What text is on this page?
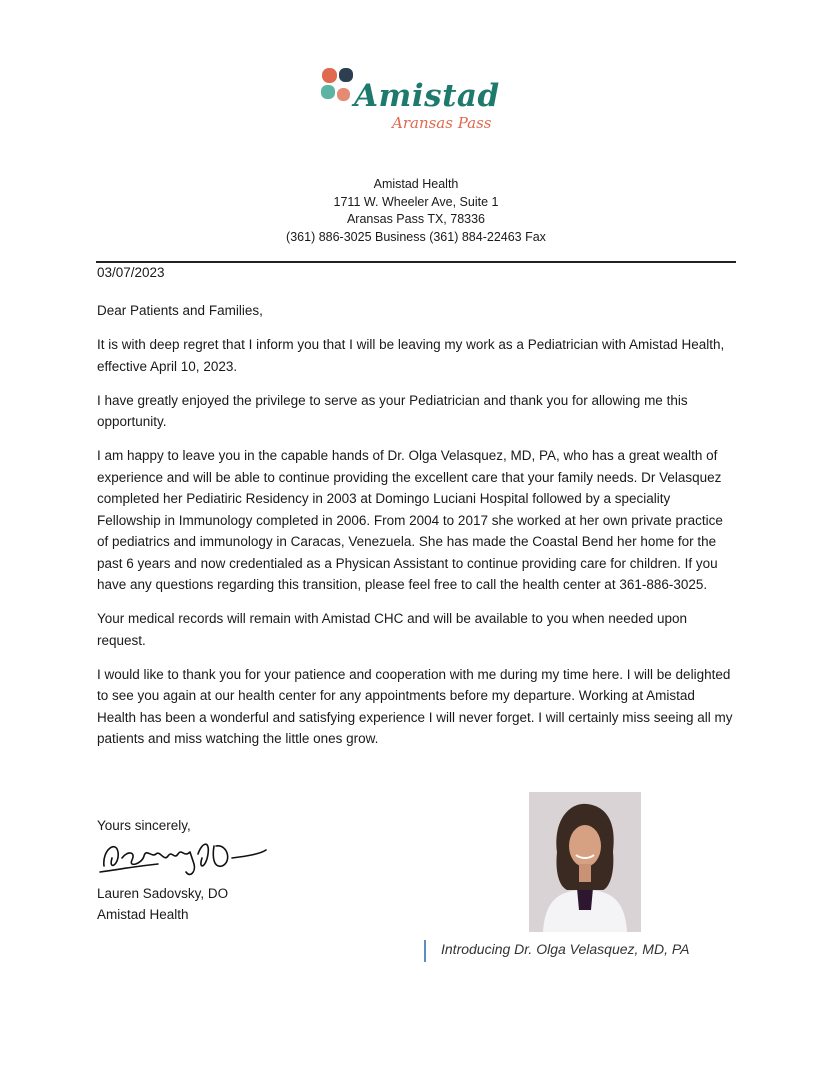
Amistad
Aransas Pass
Amistad Health
1711 W. Wheeler Ave, Suite 1
Aransas Pass TX, 78336
(361) 886-3025 Business (361) 884-22463 Fax
03/07/2023

Dear Patients and Families,

It is with deep regret that I inform you that I will be leaving my work as a Pediatrician with Amistad Health, effective April 10, 2023.

I have greatly enjoyed the privilege to serve as your Pediatrician and thank you for allowing me this opportunity.

I am happy to leave you in the capable hands of Dr. Olga Velasquez, MD, PA, who has a great wealth of experience and will be able to continue providing the excellent care that your family needs. Dr Velasquez completed her Pediatiric Residency in 2003 at Domingo Luciani Hospital followed by a speciality Fellowship in Immunology completed in 2006. From 2004 to 2017 she worked at her own private practice of pediatrics and immunology in Caracas, Venezuela. She has made the Coastal Bend her home for the past 6 years and now credentialed as a Physican Assistant to continue providing care for children. If you have any questions regarding this transition, please feel free to call the health center at 361-886-3025.

Your medical records will remain with Amistad CHC and will be available to you when needed upon request.

I would like to thank you for your patience and cooperation with me during my time here. I will be delighted to see you again at our health center for any appointments before my departure. Working at Amistad Health has been a wonderful and satisfying experience I will never forget. I will certainly miss seeing all my patients and miss watching the little ones grow.

Yours sincerely,
Lauren Sadovsky, DO
Amistad Health
Introducing Dr. Olga Velasquez, MD, PA
